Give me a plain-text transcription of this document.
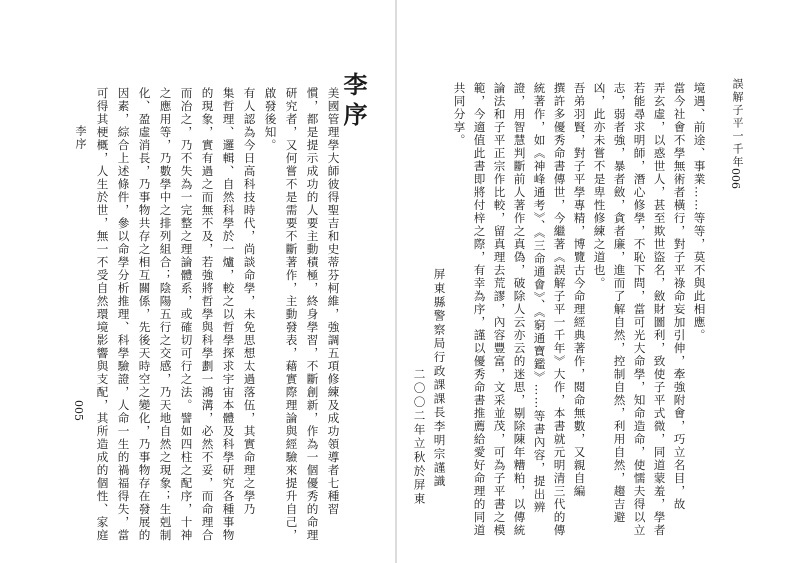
李序
005
李序
美國管理學大師彼得聖吉和史蒂芬柯維，強調五項修練及成功領導者七種習
慣，都是提示成功的人要主動積極，終身學習，不斷創新，作為一個優秀的命理
研究者，又何嘗不是需要不斷著作，主動發表，藉實際理論與經驗來提升自己，
啟發後知。
有人認為今日高科技時代，尚談命學，未免思想太過落伍，其實命理之學乃
集哲理、邏輯、自然科學於一爐，較之以哲學探求宇宙本體及科學研究各種事物
的現象，實有過之而無不及，若強將哲學與科學劃一鴻溝，必然不妥，而命理合
而冶之，乃不失為一完整之理論體系，或確切可行之法。譬如四柱之配序，十神
之應用等，乃數學中之排列組合；陰陽五行之交感，乃天地自然之現象；生剋制
化、盈虛消長，乃事物共存之相互關係，先後天時空之變化，乃事物存在發展的
因素，綜合上述條件，參以命學分析推理、科學驗證，人命一生的禍福得失，當
可得其梗概，人生於世，無一不受自然環境影響與支配，其所造成的個性、家庭	誤解子平一千年
006
境遇、前途、事業……等等，莫不與此相應。
當今社會不學無術者橫行，對子平祿命妄加引伸，牽強附會，巧立名目，故
弄玄虛，以惑世人，甚至欺世盜名，斂財圖利，致使子平式微，同道蒙羞，學者
若能尋求明師，潛心修學，不恥下問，當可光大命學，知命造命，使懦夫得以立
志，弱者強，暴者斂，貪者廉，進而了解自然，控制自然，利用自然，趨吉避
凶，此亦未嘗不是卑性修練之道也。
吾弟羽賢，對子平學專精，博覽古今命理經典著作，閱命無數，又親自編
撰許多優秀命書傳世，今繼著《誤解子平一千年》大作，本書就元明清三代的傳
統著作，如《神峰通考》、《三命通會》、《窮通寶鑑》……等書內容，提出辨
證，用智慧判斷前人著作之真偽，破除人云亦云的迷思，剔除陳年糟粕，以傳統
論法和子平正宗作比較，留真理去荒謬，內容豐富，文采並茂，可為子平書之模
範，今適值此書即將付梓之際，有幸為序，謹以優秀命書推薦給愛好命理的同道
共同分享。
屏東縣警察局行政課課長李明宗謹識
二〇〇二年立秋於屏東
